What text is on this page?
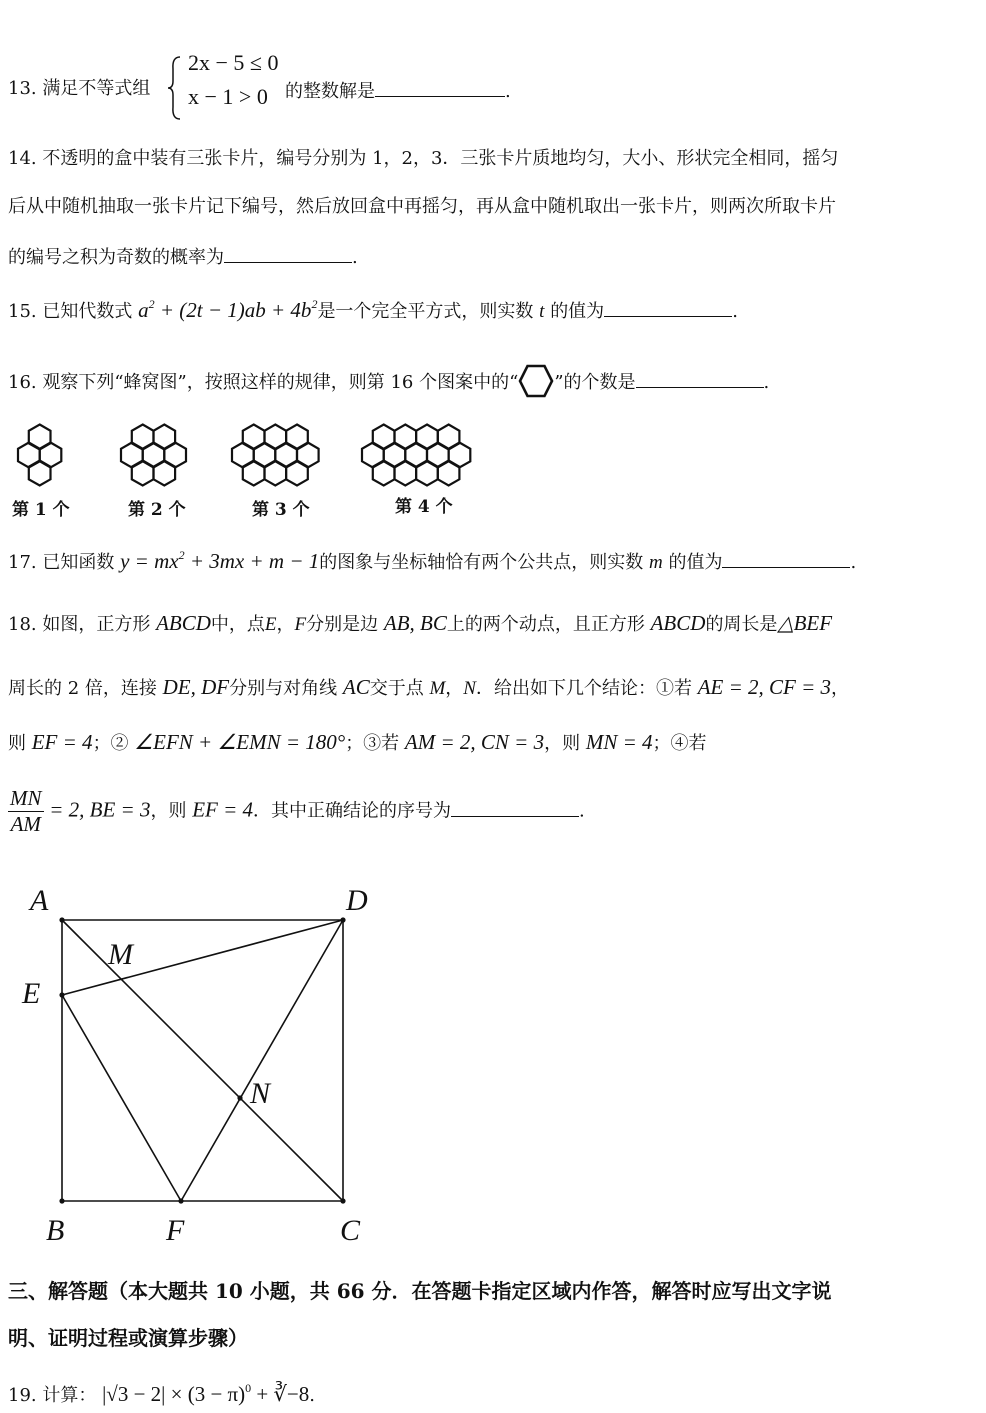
13. 满足不等式组
2x − 5 ≤ 0
x − 1 > 0 的整数解是	.
14. 不透明的盒中装有三张卡片，编号分别为 1，2，3．三张卡片质地均匀，大小、形状完全相同，摇匀
后从中随机抽取一张卡片记下编号，然后放回盒中再摇匀，再从盒中随机取出一张卡片，则两次所取卡片
的编号之积为奇数的概率为	.
15. 已知代数式 $a^2 + (2t - 1)ab + 4b^2$是一个完全平方式，则实数 t 的值为	.
16. 观察下列“蜂窝图”，按照这样的规律，则第 16 个图案中的“ ”的个数是	.
第 1 个	第 2 个	第 3 个	第 4 个
17. 已知函数 $y = mx^2 + 3mx + m - 1$的图象与坐标轴恰有两个公共点，则实数 m 的值为	.
18. 如图，正方形 ABCD中，点E，F分别是边 AB, BC上的两个动点，且正方形 ABCD的周长是△BEF
周长的 2 倍，连接 DE, DF分别与对角线 AC交于点 M，N．给出如下几个结论：①若 AE = 2, CF = 3，
则 EF = 4；② ∠EFN + ∠EMN = 180°；③若 AM = 2, CN = 3，则 MN = 4；④若
$\frac{MN}{AM} = 2$, BE = 3，则 EF = 4．其中正确结论的序号为	.
A	D
M
E
N
B	F	C
三、解答题（本大题共 10 小题，共 66 分．在答题卡指定区域内作答，解答时应写出文字说
明、证明过程或演算步骤）
19. 计算： $|√3 - 2| \times (3 - \pi)^0$ + ∛−8.
